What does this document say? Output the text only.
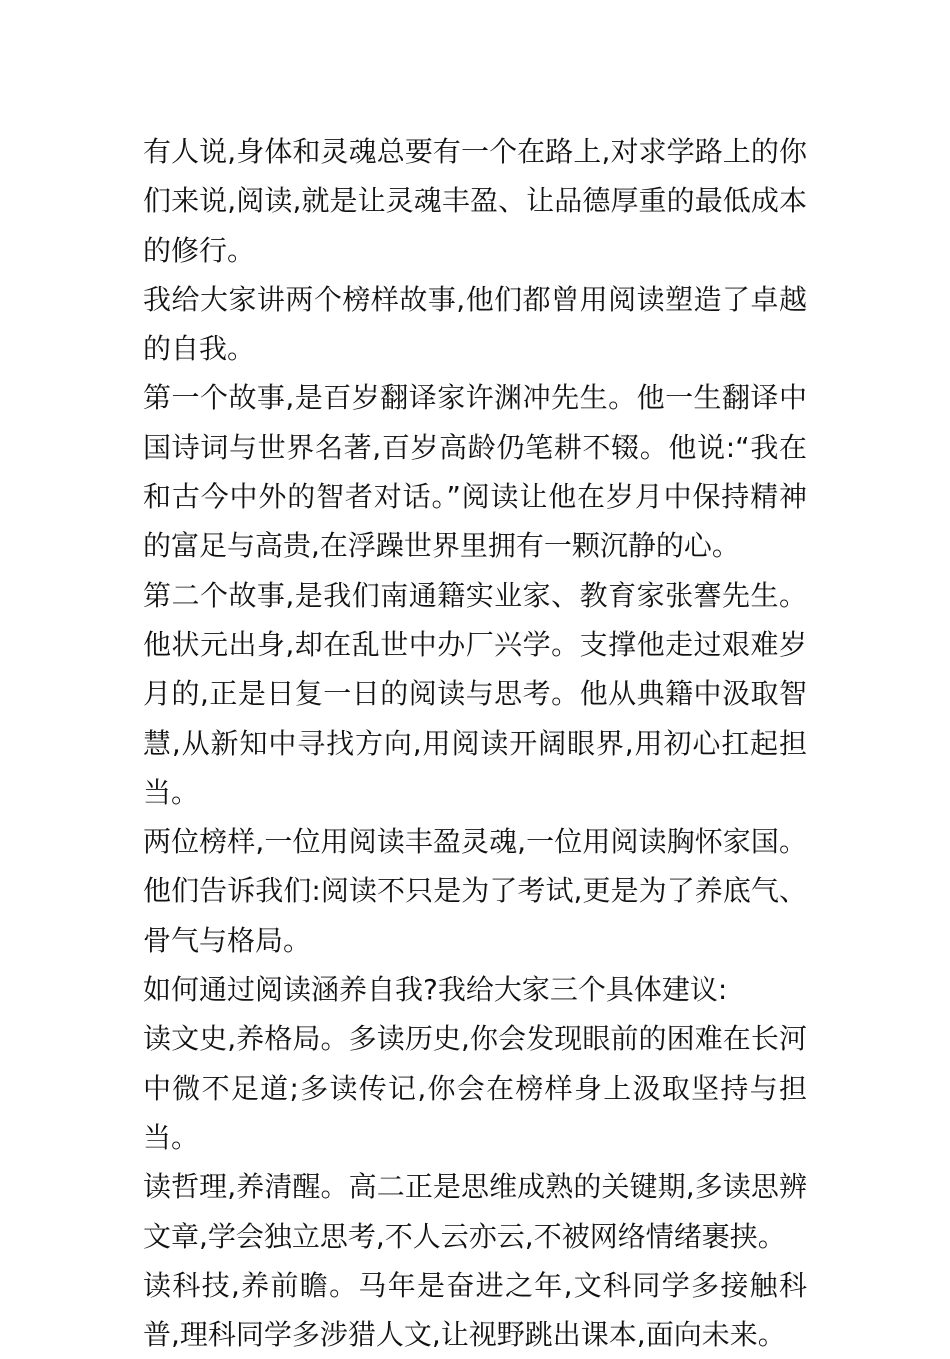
有人说,身体和灵魂总要有一个在路上,对求学路上的你们来说,阅读,就是让灵魂丰盈、让品德厚重的最低成本的修行。

我给大家讲两个榜样故事,他们都曾用阅读塑造了卓越的自我。

第一个故事,是百岁翻译家许渊冲先生。他一生翻译中国诗词与世界名著,百岁高龄仍笔耕不辍。他说:“我在和古今中外的智者对话。”阅读让他在岁月中保持精神的富足与高贵,在浮躁世界里拥有一颗沉静的心。

第二个故事,是我们南通籍实业家、教育家张謇先生。他状元出身,却在乱世中办厂兴学。支撑他走过艰难岁月的,正是日复一日的阅读与思考。他从典籍中汲取智慧,从新知中寻找方向,用阅读开阔眼界,用初心扛起担当。

两位榜样,一位用阅读丰盈灵魂,一位用阅读胸怀家国。他们告诉我们:阅读不只是为了考试,更是为了养底气、骨气与格局。

如何通过阅读涵养自我?我给大家三个具体建议:

读文史,养格局。多读历史,你会发现眼前的困难在长河中微不足道;多读传记,你会在榜样身上汲取坚持与担当。

读哲理,养清醒。高二正是思维成熟的关键期,多读思辨文章,学会独立思考,不人云亦云,不被网络情绪裹挟。

读科技,养前瞻。马年是奋进之年,文科同学多接触科普,理科同学多涉猎人文,让视野跳出课本,面向未来。
